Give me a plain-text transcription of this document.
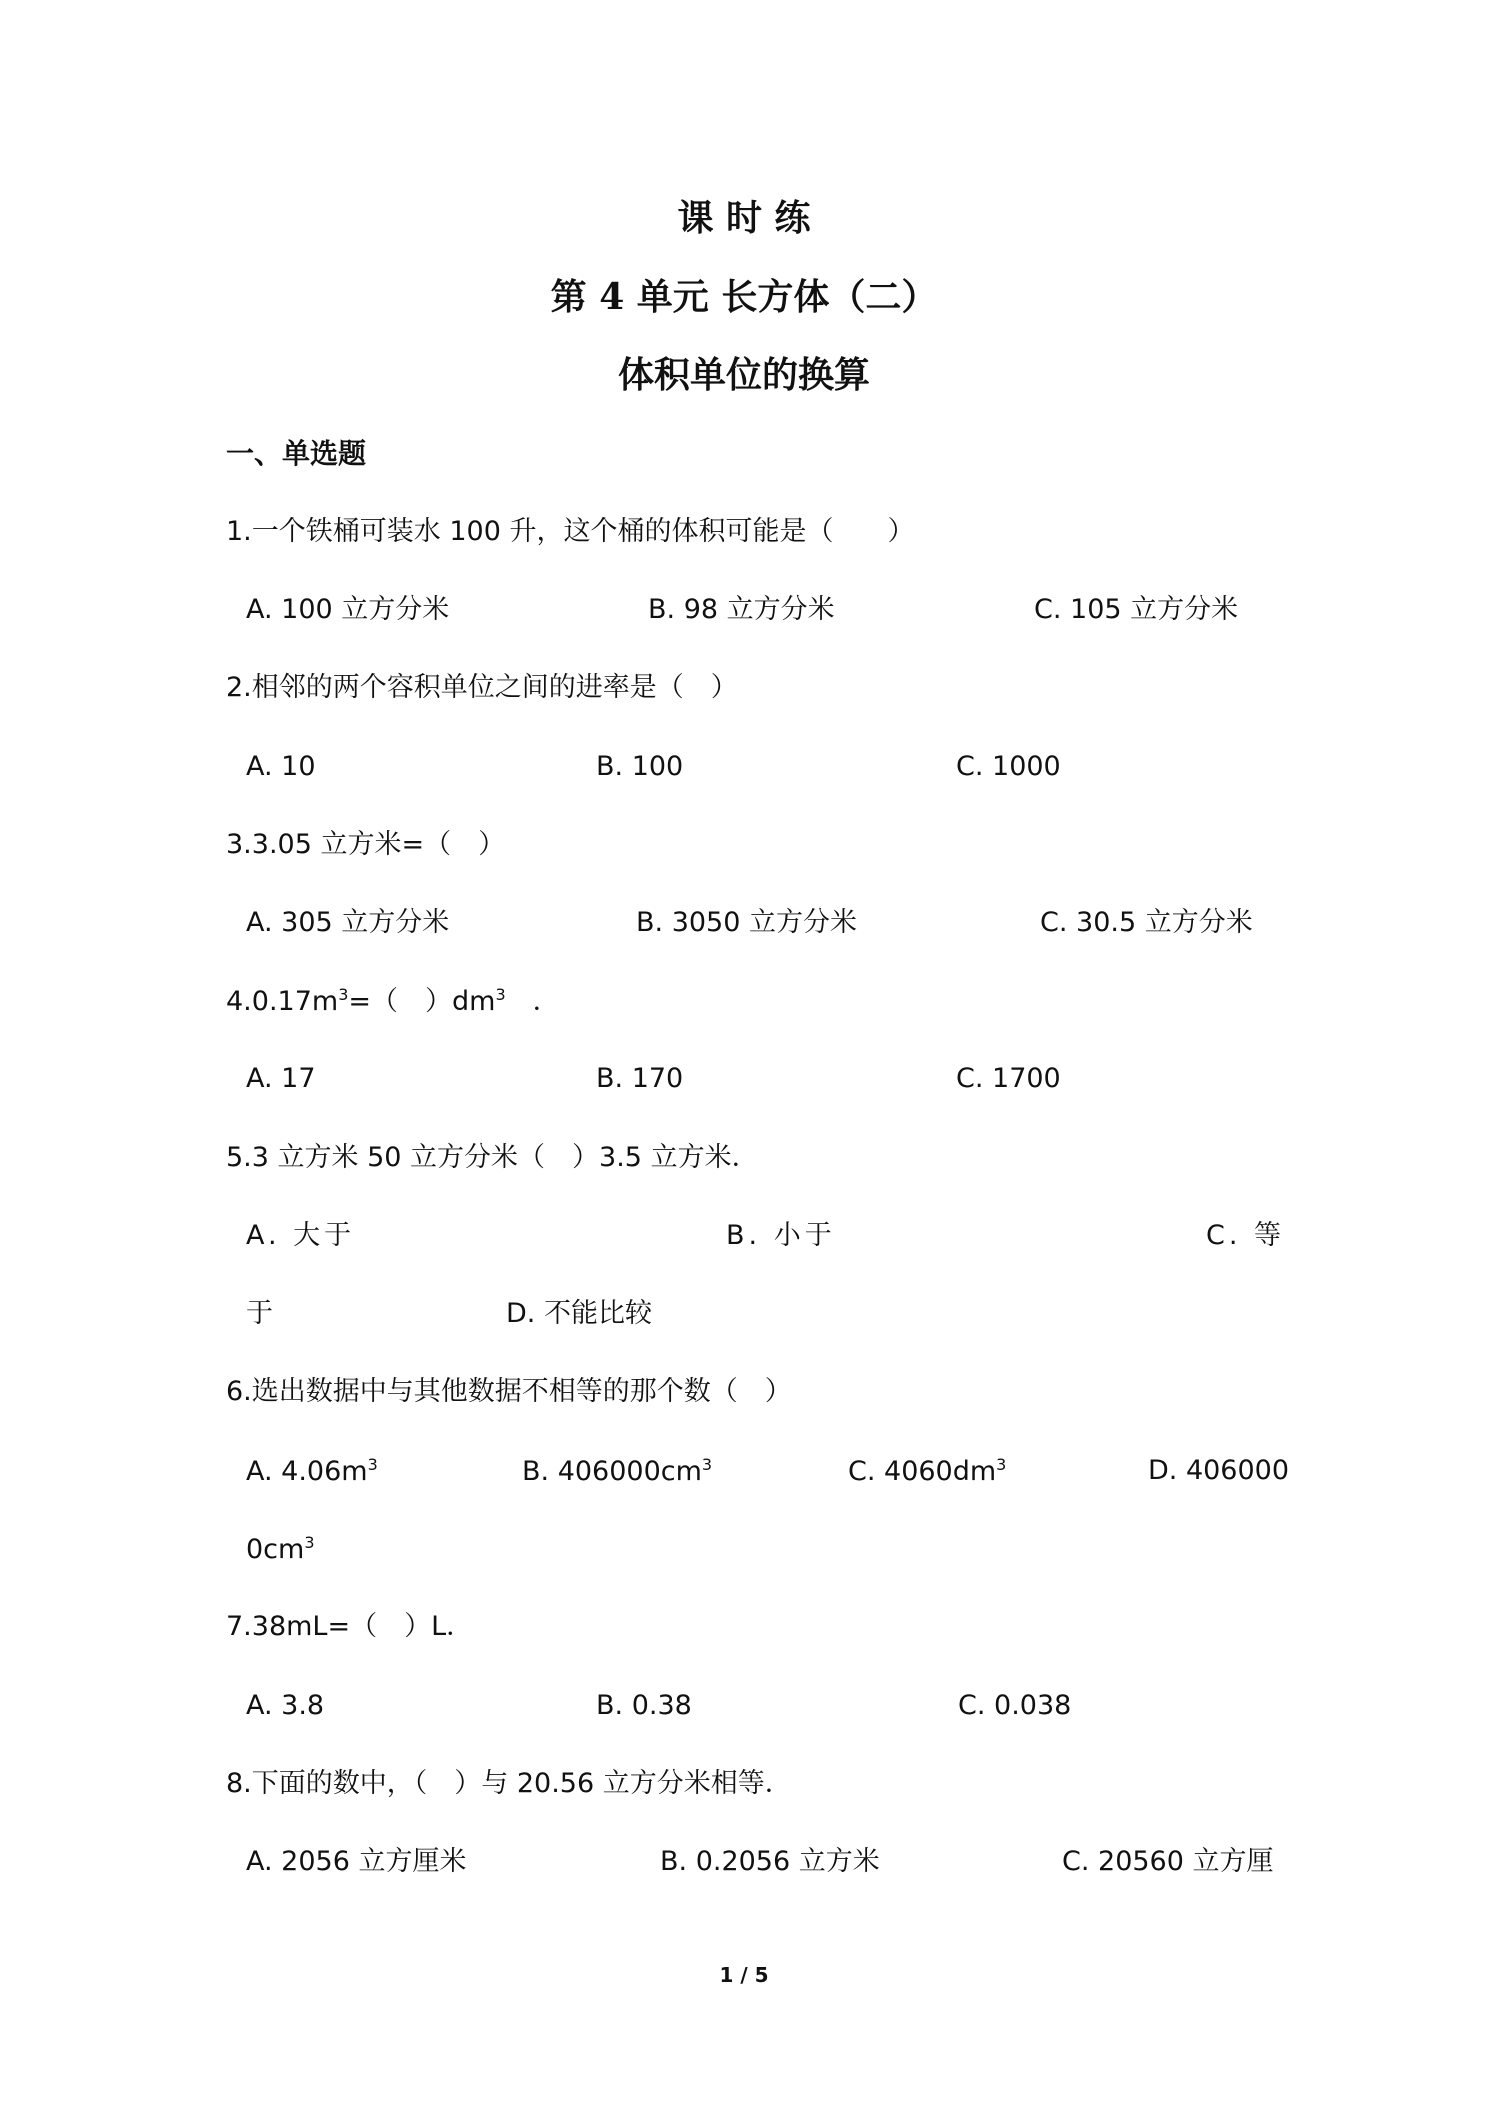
课 时 练
第 4 单元 长方体（二）
体积单位的换算
一、单选题
1.一个铁桶可装水 100 升，这个桶的体积可能是（　　）
A. 100 立方分米	B. 98 立方分米	C. 105 立方分米
2.相邻的两个容积单位之间的进率是（　）
A. 10	B. 100	C. 1000
3.3.05 立方米=（　）
A. 305 立方分米	B. 3050 立方分米	C. 30.5 立方分米
$4.0.17m^3=$（　）$dm^3$　．
A. 17	B. 170	C. 1700
5.3 立方米 50 立方分米（　）3.5 立方米．
A. 大于	B. 小于	C. 等
于	D. 不能比较
6.选出数据中与其他数据不相等的那个数（　）
A. $4.06m^3$	B. $406000cm^3$	C. $4060dm^3$	D. 406000
$0cm^3$
7.38mL=（　）L．
A. 3.8	B. 0.38	C. 0.038
8.下面的数中，（　）与 20.56 立方分米相等．
A. 2056 立方厘米	B. 0.2056 立方米	C. 20560 立方厘
1 / 5
